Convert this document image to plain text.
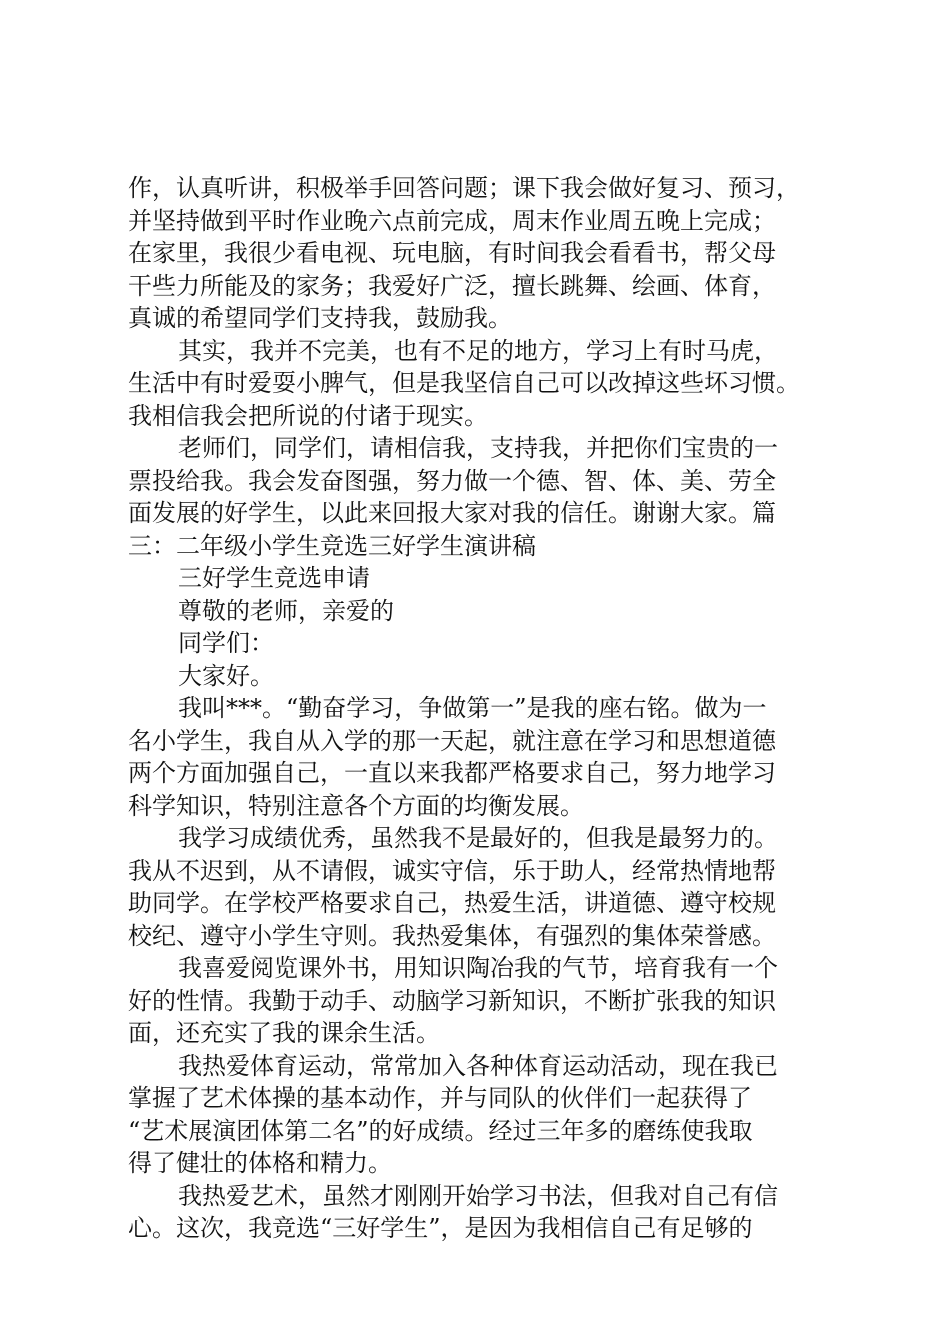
作，认真听讲，积极举手回答问题；课下我会做好复习、预习，
并坚持做到平时作业晚六点前完成，周末作业周五晚上完成；
在家里，我很少看电视、玩电脑，有时间我会看看书，帮父母
干些力所能及的家务；我爱好广泛，擅长跳舞、绘画、体育，
真诚的希望同学们支持我，鼓励我。
其实，我并不完美，也有不足的地方，学习上有时马虎，
生活中有时爱耍小脾气，但是我坚信自己可以改掉这些坏习惯。
我相信我会把所说的付诸于现实。
老师们，同学们，请相信我，支持我，并把你们宝贵的一
票投给我。我会发奋图强，努力做一个德、智、体、美、劳全
面发展的好学生，以此来回报大家对我的信任。谢谢大家。篇
三：二年级小学生竞选三好学生演讲稿
三好学生竞选申请
尊敬的老师，亲爱的
同学们：
大家好。
我叫***。“勤奋学习，争做第一”是我的座右铭。做为一
名小学生，我自从入学的那一天起，就注意在学习和思想道德
两个方面加强自己，一直以来我都严格要求自己，努力地学习
科学知识，特别注意各个方面的均衡发展。
我学习成绩优秀，虽然我不是最好的，但我是最努力的。
我从不迟到，从不请假，诚实守信，乐于助人，经常热情地帮
助同学。在学校严格要求自己，热爱生活，讲道德、遵守校规
校纪、遵守小学生守则。我热爱集体，有强烈的集体荣誉感。
我喜爱阅览课外书，用知识陶冶我的气节，培育我有一个
好的性情。我勤于动手、动脑学习新知识，不断扩张我的知识
面，还充实了我的课余生活。
我热爱体育运动，常常加入各种体育运动活动，现在我已
掌握了艺术体操的基本动作，并与同队的伙伴们一起获得了
“艺术展演团体第二名”的好成绩。经过三年多的磨练使我取
得了健壮的体格和精力。
我热爱艺术，虽然才刚刚开始学习书法，但我对自己有信
心。这次，我竞选“三好学生”，是因为我相信自己有足够的
